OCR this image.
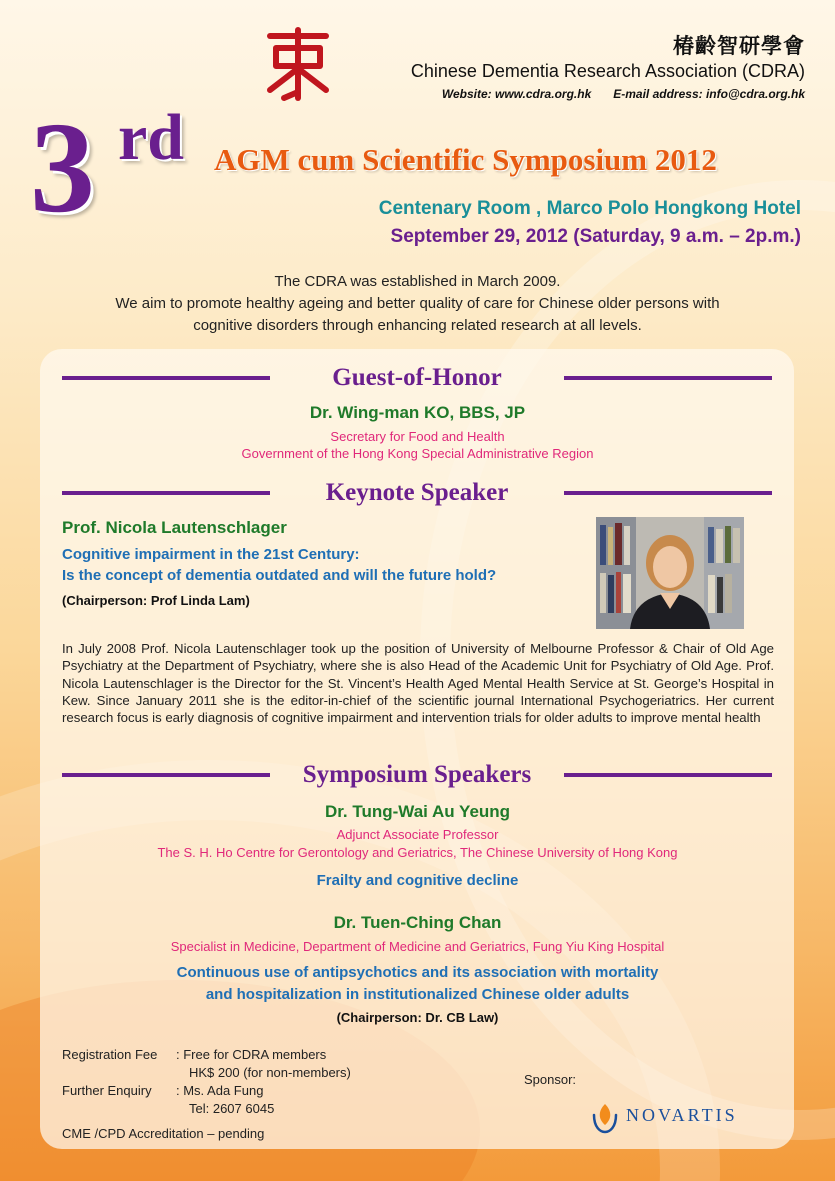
椿齡智研學會
Chinese Dementia Research Association (CDRA)
Website: www.cdra.org.hk E-mail address: info@cdra.org.hk
3 rd AGM cum Scientific Symposium 2012
Centenary Room , Marco Polo Hongkong Hotel
September 29, 2012 (Saturday, 9 a.m. – 2p.m.)
The CDRA was established in March 2009.
We aim to promote healthy ageing and better quality of care for Chinese older persons with
cognitive disorders through enhancing related research at all levels.
Guest-of-Honor
Dr. Wing-man KO, BBS, JP
Secretary for Food and Health
Government of the Hong Kong Special Administrative Region
Keynote Speaker
Prof. Nicola Lautenschlager
Cognitive impairment in the 21st Century:
Is the concept of dementia outdated and will the future hold?
(Chairperson: Prof Linda Lam)
In July 2008 Prof. Nicola Lautenschlager took up the position of University of Melbourne Professor & Chair of Old Age Psychiatry at the Department of Psychiatry, where she is also Head of the Academic Unit for Psychiatry of Old Age. Prof. Nicola Lautenschlager is the Director for the St. Vincent’s Health Aged Mental Health Service at St. George’s Hospital in Kew. Since January 2011 she is the editor-in-chief of the scientific journal International Psychogeriatrics. Her current research focus is early diagnosis of cognitive impairment and intervention trials for older adults to improve mental health
Symposium Speakers
Dr. Tung-Wai Au Yeung
Adjunct Associate Professor
The S. H. Ho Centre for Gerontology and Geriatrics, The Chinese University of Hong Kong
Frailty and cognitive decline
Dr. Tuen-Ching Chan
Specialist in Medicine, Department of Medicine and Geriatrics, Fung Yiu King Hospital
Continuous use of antipsychotics and its association with mortality
and hospitalization in institutionalized Chinese older adults
(Chairperson: Dr. CB Law)
Registration Fee : Free for CDRA members
HK$ 200 (for non-members)
Further Enquiry : Ms. Ada Fung
Tel: 2607 6045
CME /CPD Accreditation – pending
Sponsor:
NOVARTIS
